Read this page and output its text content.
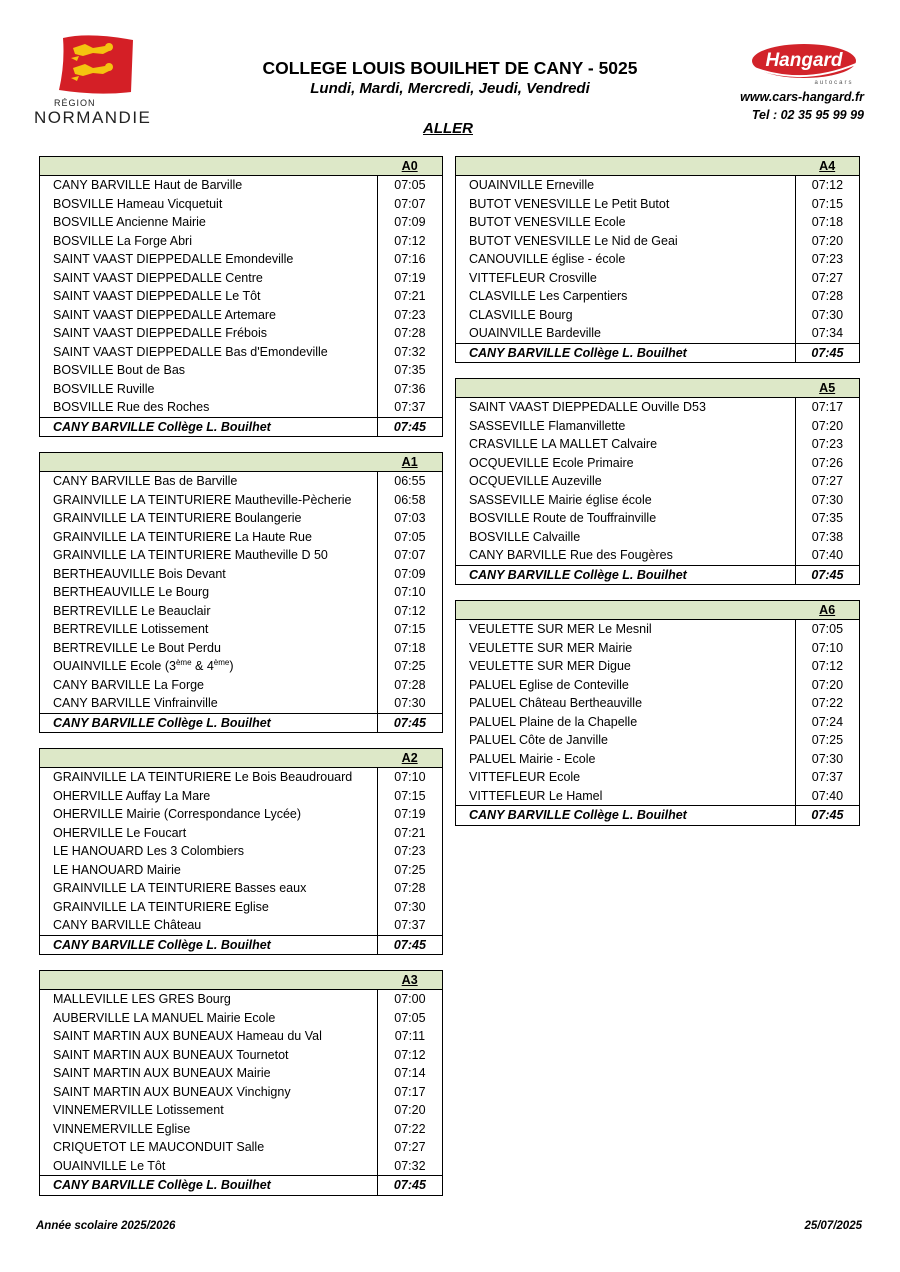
RÉGION
NORMANDIE
COLLEGE LOUIS BOUILHET DE CANY - 5025
Lundi, Mardi, Mercredi, Jeudi, Vendredi
ALLER
Hangard
autocars
www.cars-hangard.fr
Tel : 02 35 95 99 99
	A0
CANY BARVILLE Haut de Barville	07:05
BOSVILLE Hameau Vicquetuit	07:07
BOSVILLE Ancienne Mairie	07:09
BOSVILLE La Forge Abri	07:12
SAINT VAAST DIEPPEDALLE Emondeville	07:16
SAINT VAAST DIEPPEDALLE Centre	07:19
SAINT VAAST DIEPPEDALLE Le Tôt	07:21
SAINT VAAST DIEPPEDALLE Artemare	07:23
SAINT VAAST DIEPPEDALLE Frébois	07:28
SAINT VAAST DIEPPEDALLE Bas d'Emondeville	07:32
BOSVILLE Bout de Bas	07:35
BOSVILLE Ruville	07:36
BOSVILLE Rue des Roches	07:37
CANY BARVILLE Collège L. Bouilhet	07:45
	A1
CANY BARVILLE Bas de Barville	06:55
GRAINVILLE LA TEINTURIERE Mautheville-Pècherie	06:58
GRAINVILLE LA TEINTURIERE Boulangerie	07:03
GRAINVILLE LA TEINTURIERE La Haute Rue	07:05
GRAINVILLE LA TEINTURIERE Mautheville D 50	07:07
BERTHEAUVILLE Bois Devant	07:09
BERTHEAUVILLE Le Bourg	07:10
BERTREVILLE Le Beauclair	07:12
BERTREVILLE Lotissement	07:15
BERTREVILLE Le Bout Perdu	07:18
OUAINVILLE Ecole (3ème & 4ème)	07:25
CANY BARVILLE La Forge	07:28
CANY BARVILLE Vinfrainville	07:30
CANY BARVILLE Collège L. Bouilhet	07:45
	A2
GRAINVILLE LA TEINTURIERE Le Bois Beaudrouard	07:10
OHERVILLE Auffay La Mare	07:15
OHERVILLE Mairie (Correspondance Lycée)	07:19
OHERVILLE Le Foucart	07:21
LE HANOUARD Les 3 Colombiers	07:23
LE HANOUARD Mairie	07:25
GRAINVILLE LA TEINTURIERE Basses eaux	07:28
GRAINVILLE LA TEINTURIERE Eglise	07:30
CANY BARVILLE Château	07:37
CANY BARVILLE Collège L. Bouilhet	07:45
	A3
MALLEVILLE LES GRES Bourg	07:00
AUBERVILLE LA MANUEL Mairie Ecole	07:05
SAINT MARTIN AUX BUNEAUX Hameau du Val	07:11
SAINT MARTIN AUX BUNEAUX Tournetot	07:12
SAINT MARTIN AUX BUNEAUX Mairie	07:14
SAINT MARTIN AUX BUNEAUX Vinchigny	07:17
VINNEMERVILLE Lotissement	07:20
VINNEMERVILLE Eglise	07:22
CRIQUETOT LE MAUCONDUIT Salle	07:27
OUAINVILLE Le Tôt	07:32
CANY BARVILLE Collège L. Bouilhet	07:45
	A4
OUAINVILLE Erneville	07:12
BUTOT VENESVILLE Le Petit Butot	07:15
BUTOT VENESVILLE Ecole	07:18
BUTOT VENESVILLE Le Nid de Geai	07:20
CANOUVILLE église - école	07:23
VITTEFLEUR Crosville	07:27
CLASVILLE Les Carpentiers	07:28
CLASVILLE Bourg	07:30
OUAINVILLE Bardeville	07:34
CANY BARVILLE Collège L. Bouilhet	07:45
	A5
SAINT VAAST DIEPPEDALLE Ouville D53	07:17
SASSEVILLE Flamanvillette	07:20
CRASVILLE LA MALLET Calvaire	07:23
OCQUEVILLE Ecole Primaire	07:26
OCQUEVILLE Auzeville	07:27
SASSEVILLE Mairie église école	07:30
BOSVILLE Route de Touffrainville	07:35
BOSVILLE Calvaille	07:38
CANY BARVILLE Rue des Fougères	07:40
CANY BARVILLE Collège L. Bouilhet	07:45
	A6
VEULETTE SUR MER Le Mesnil	07:05
VEULETTE SUR MER Mairie	07:10
VEULETTE SUR MER Digue	07:12
PALUEL Eglise de Conteville	07:20
PALUEL Château Bertheauville	07:22
PALUEL Plaine de la Chapelle	07:24
PALUEL Côte de Janville	07:25
PALUEL Mairie - Ecole	07:30
VITTEFLEUR Ecole	07:37
VITTEFLEUR Le Hamel	07:40
CANY BARVILLE Collège L. Bouilhet	07:45
Année scolaire 2025/2026	25/07/2025
